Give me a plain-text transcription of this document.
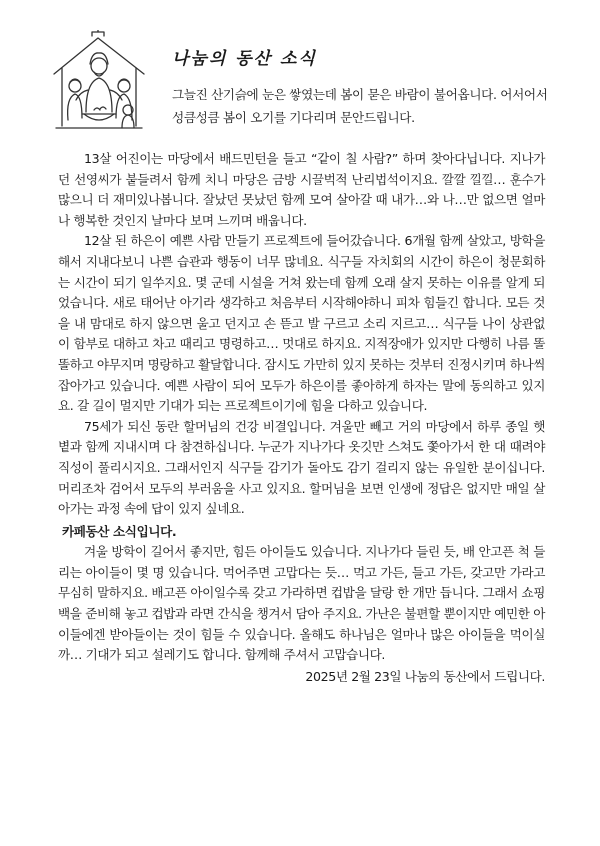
나눔의 동산 소식

그늘진 산기슭에 눈은 쌓였는데 봄이 묻은 바람이 불어옵니다. 어서어서 성큼성큼 봄이 오기를 기다리며 문안드립니다.

13살 어진이는 마당에서 배드민턴을 들고 “같이 칠 사람?” 하며 찾아다닙니다. 지나가던 선영씨가 붙들려서 함께 치니 마당은 금방 시끌벅적 난리법석이지요. 깔깔 낄낄… 훈수가 많으니 더 재미있나봅니다. 잘났던 못났던 함께 모여 살아갈 때 내가…와 나…만 없으면 얼마나 행복한 것인지 날마다 보며 느끼며 배웁니다.

12살 된 하은이 예쁜 사람 만들기 프로젝트에 들어갔습니다. 6개월 함께 살았고, 방학을 해서 지내다보니 나쁜 습관과 행동이 너무 많네요. 식구들 자치회의 시간이 하은이 청문회하는 시간이 되기 일쑤지요. 몇 군데 시설을 거쳐 왔는데 함께 오래 살지 못하는 이유를 알게 되었습니다. 새로 태어난 아기라 생각하고 처음부터 시작해야하니 피차 힘들긴 합니다. 모든 것을 내 맘대로 하지 않으면 울고 던지고 손 뜯고 발 구르고 소리 지르고… 식구들 나이 상관없이 함부로 대하고 차고 때리고 명령하고… 멋대로 하지요. 지적장애가 있지만 다행히 나름 똘똘하고 야무지며 명랑하고 활달합니다. 잠시도 가만히 있지 못하는 것부터 진정시키며 하나씩 잡아가고 있습니다. 예쁜 사람이 되어 모두가 하은이를 좋아하게 하자는 말에 동의하고 있지요. 갈 길이 멀지만 기대가 되는 프로젝트이기에 힘을 다하고 있습니다.

75세가 되신 동란 할머님의 건강 비결입니다. 겨울만 빼고 거의 마당에서 하루 종일 햇볕과 함께 지내시며 다 참견하십니다. 누군가 지나가다 옷깃만 스쳐도 쫓아가서 한 대 때려야 직성이 풀리시지요. 그래서인지 식구들 감기가 돌아도 감기 걸리지 않는 유일한 분이십니다. 머리조차 검어서 모두의 부러움을 사고 있지요. 할머님을 보면 인생에 정답은 없지만 매일 살아가는 과정 속에 답이 있지 싶네요.

카페동산 소식입니다.

겨울 방학이 길어서 좋지만, 힘든 아이들도 있습니다. 지나가다 들린 듯, 배 안고픈 척 들리는 아이들이 몇 명 있습니다. 먹어주면 고맙다는 듯… 먹고 가든, 들고 가든, 갖고만 가라고 무심히 말하지요. 배고픈 아이일수록 갖고 가라하면 컵밥을 달랑 한 개만 듭니다. 그래서 쇼핑백을 준비해 놓고 컵밥과 라면 간식을 챙겨서 담아 주지요. 가난은 불편할 뿐이지만 예민한 아이들에겐 받아들이는 것이 힘들 수 있습니다. 올해도 하나님은 얼마나 많은 아이들을 먹이실까… 기대가 되고 설레기도 합니다. 함께해 주셔서 고맙습니다.

2025년 2월 23일 나눔의 동산에서 드립니다.
